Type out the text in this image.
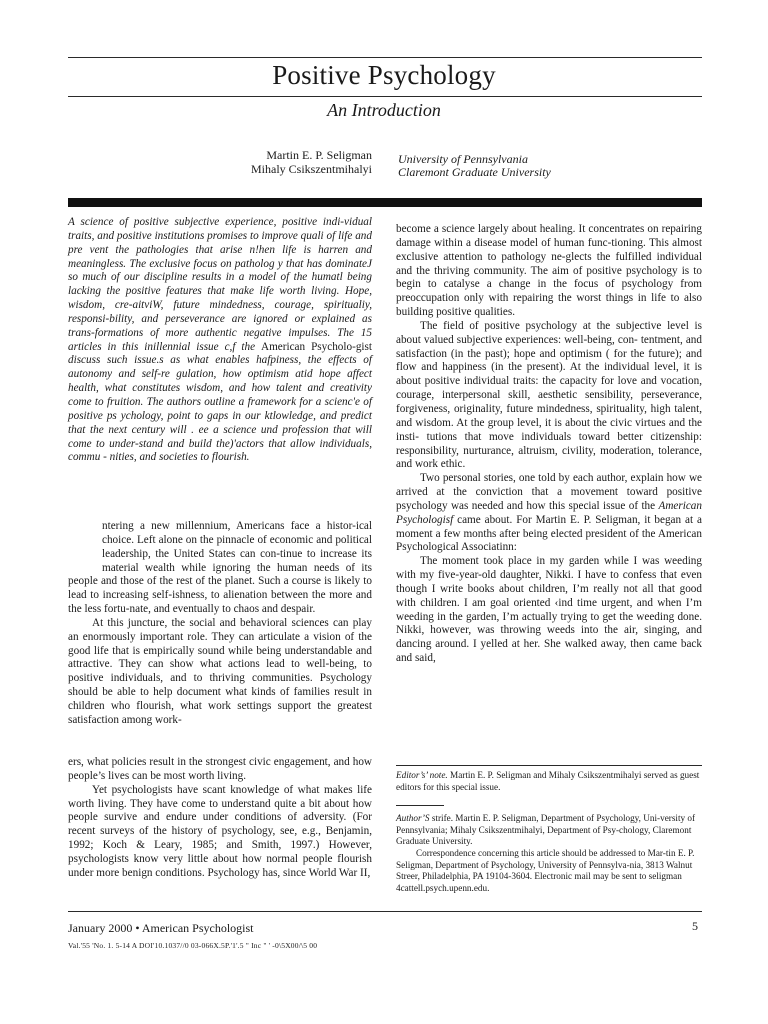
Positive Psychology
An Introduction
Martin E. P. Seligman
Mihaly Csikszentmihalyi
University of Pennsylvania
Claremont Graduate University

A science of positive subjective experience, positive indi-vidual traits, and positive institutions promises to improve quali of life and pre vent the pathologies that arise n!hen life is harren and meaningless. The exclusive focus on patholog y that has dominateJ so much of our discipline results in a model of the humatl being lacking the positive features that make life worth living. Hope, wisdom, cre-aitviW, future mindedness, courage, spiritualiy, responsi-bility, and perseverance are ignored or explained as trans-formations of more authentic negative impulses. The 15 articles in this inillennial issue c,f the American Psycholo-gist discuss such issue.s as what enables hafpiness, the effects of autonomy and self-re gulation, how optimism atid hope affect health, what constitutes wisdom, and how talent and creativity come to fruition. The authors outline a framework for a scienc'e of positive ps ychology, point to gaps in our ktlowledge, and predict that the next century will . ee a science und profession that will come to under-stand and build the)'actors that allow individuals, commu - nities, and societies to flourish.

ntering a new millennium, Americans face a histor-ical choice. Left alone on the pinnacle of economic and political leadership, the United States can con-tinue to increase its material wealth while ignoring the human needs of its people and those of the rest of the planet. Such a course is likely to lead to increasing self-ishness, to alienation between the more and the less fortu-nate, and eventually to chaos and despair.

At this juncture, the social and behavioral sciences can play an enormously important role. They can articulate a vision of the good life that is empirically sound while being understandable and attractive. They can show what actions lead to well-being, to positive individuals, and to thriving communities. Psychology should be able to help document what kinds of families result in children who flourish, what work settings support the greatest satisfaction among work-

ers, what policies result in the strongest civic engagement, and how people’s lives can be most worth living.

Yet psychologists have scant knowledge of what makes life worth living. They have come to understand quite a bit about how people survive and endure under conditions of adversity. (For recent surveys of the history of psychology, see, e.g., Benjamin, 1992; Koch & Leary, 1985; and Smith, 1997.) However, psychologists know very little about how normal people flourish under more benign conditions. Psychology has, since World War II,

become a science largely about healing. It concentrates on repairing damage within a disease model of human func-tioning. This almost exclusive attention to pathology ne-glects the fulfilled individual and the thriving community. The aim of positive psychology is to begin to catalyse a change in the focus of psychology from preoccupation only with repairing the worst things in life to also building positive qualities.

The field of positive psychology at the subjective level is about valued subjective experiences: well-being, con- tentment, and satisfaction (in the past); hope and optimism ( for the future); and flow and happiness (in the present). At the individual level, it is about positive individual traits: the capacity for love and vocation, courage, interpersonal skill, aesthetic sensibility, perseverance, forgiveness, originality, future mindedness, spirituality, high talent, and wisdom. At the group level, it is about the civic virtues and the insti- tutions that move individuals toward better citizenship: responsibility, nurturance, altruism, civility, moderation, tolerance, and work ethic.

Two personal stories, one told by each author, explain how we arrived at the conviction that a movement toward positive psychology was needed and how this special issue of the American Psychologisf came about. For Martin E. P. Seligman, it began at a moment a few months after being elected president of the American Psychological Associatinn:

The moment took place in my garden while I was weeding with my five-year-old daughter, Nikki. I have to confess that even though I write books about children, I’m really not all that good with children. I am goal oriented ‹ind time urgent, and when I’m weeding in the garden, I’m actually trying to get the weeding done. Nikki, however, was throwing weeds into the air, singing, and dancing around. I yelled at her. She walked away, then came back and said,

Editor’s’ note. Martin E. P. Seligman and Mihaly Csikszentmihalyi served as guest editors for this special issue.

Author’S strife. Martin E. P. Seligman, Department of Psychology, Uni-versity of Pennsylvania; Mihaly Csikszentmihalyi, Department of Psy-chology, Claremont Graduate University.

Correspondence concerning this article should be addressed to Mar-tin E. P. Seligman, Department of Psychology, University of Pennsylva-nia, 3813 Walnut Streer, Philadelphia, PA 19104-3604. Electronic mail may be sent to seligman 4cattell.psych.upenn.edu.

January 2000 • American Psychologist	5
Val.'55 'No. 1. 5-14 A DOI'10.1037//0 03-066X.5P.'1'.5 " Inc " ' -0\5X00/\5 00
